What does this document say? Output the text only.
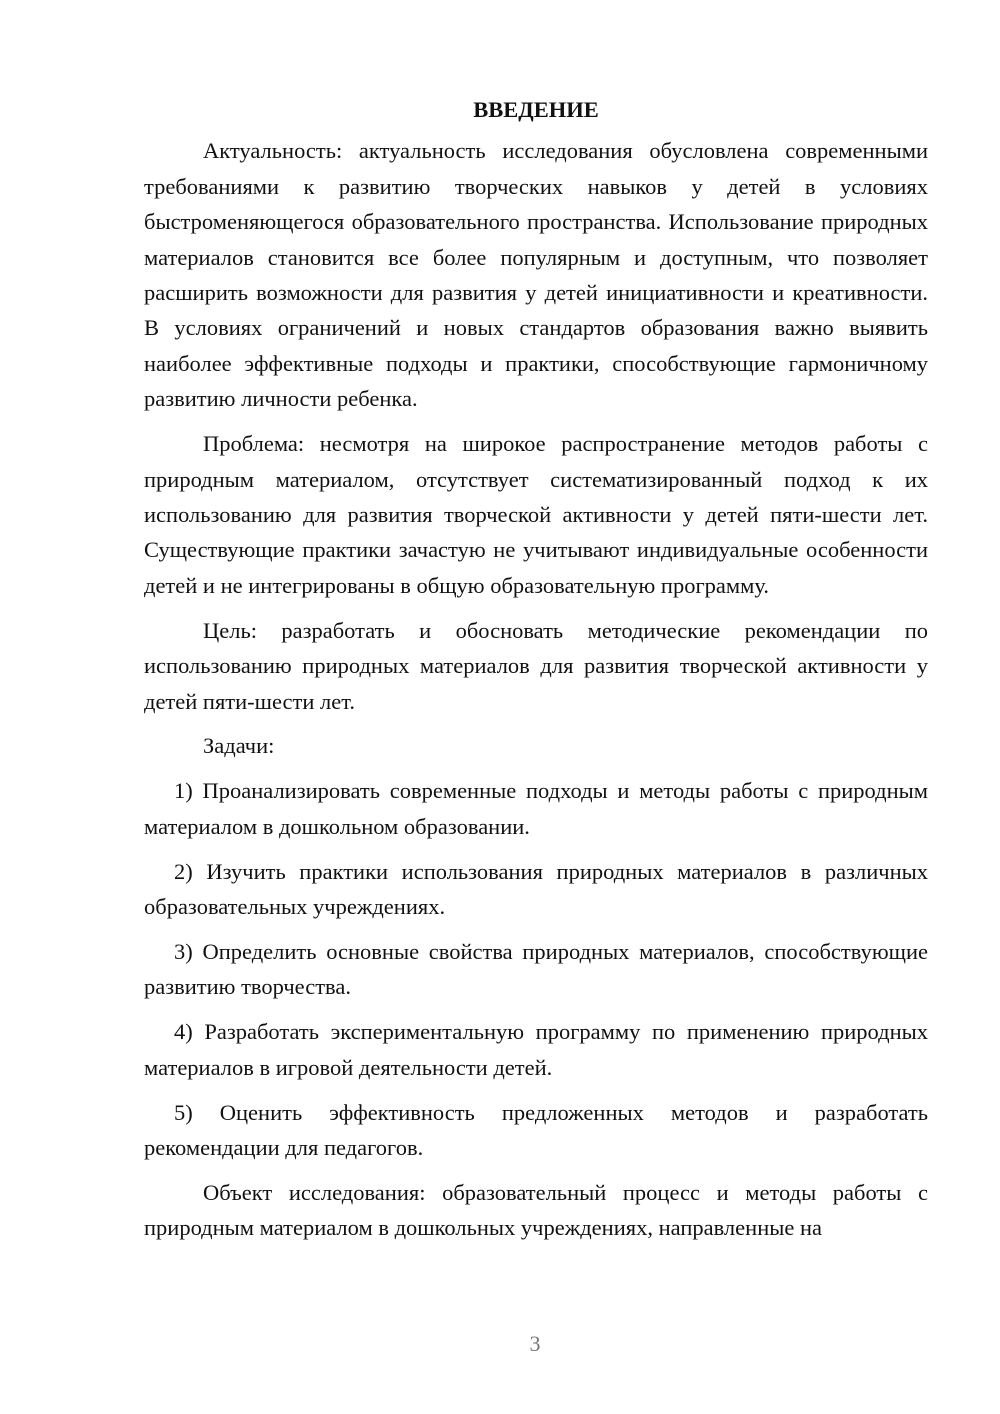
ВВЕДЕНИЕ

Актуальность: актуальность исследования обусловлена современными требованиями к развитию творческих навыков у детей в условиях быстроменяющегося образовательного пространства. Использование природных материалов становится все более популярным и доступным, что позволяет расширить возможности для развития у детей инициативности и креативности. В условиях ограничений и новых стандартов образования важно выявить наиболее эффективные подходы и практики, способствующие гармоничному развитию личности ребенка.

Проблема: несмотря на широкое распространение методов работы с природным материалом, отсутствует систематизированный подход к их использованию для развития творческой активности у детей пяти-шести лет. Существующие практики зачастую не учитывают индивидуальные особенности детей и не интегрированы в общую образовательную программу.

Цель: разработать и обосновать методические рекомендации по использованию природных материалов для развития творческой активности у детей пяти-шести лет.

Задачи:

1) Проанализировать современные подходы и методы работы с природным материалом в дошкольном образовании.

2) Изучить практики использования природных материалов в различных образовательных учреждениях.

3) Определить основные свойства природных материалов, способствующие развитию творчества.

4) Разработать экспериментальную программу по применению природных материалов в игровой деятельности детей.

5) Оценить эффективность предложенных методов и разработать рекомендации для педагогов.

Объект исследования: образовательный процесс и методы работы с природным материалом в дошкольных учреждениях, направленные на

3
